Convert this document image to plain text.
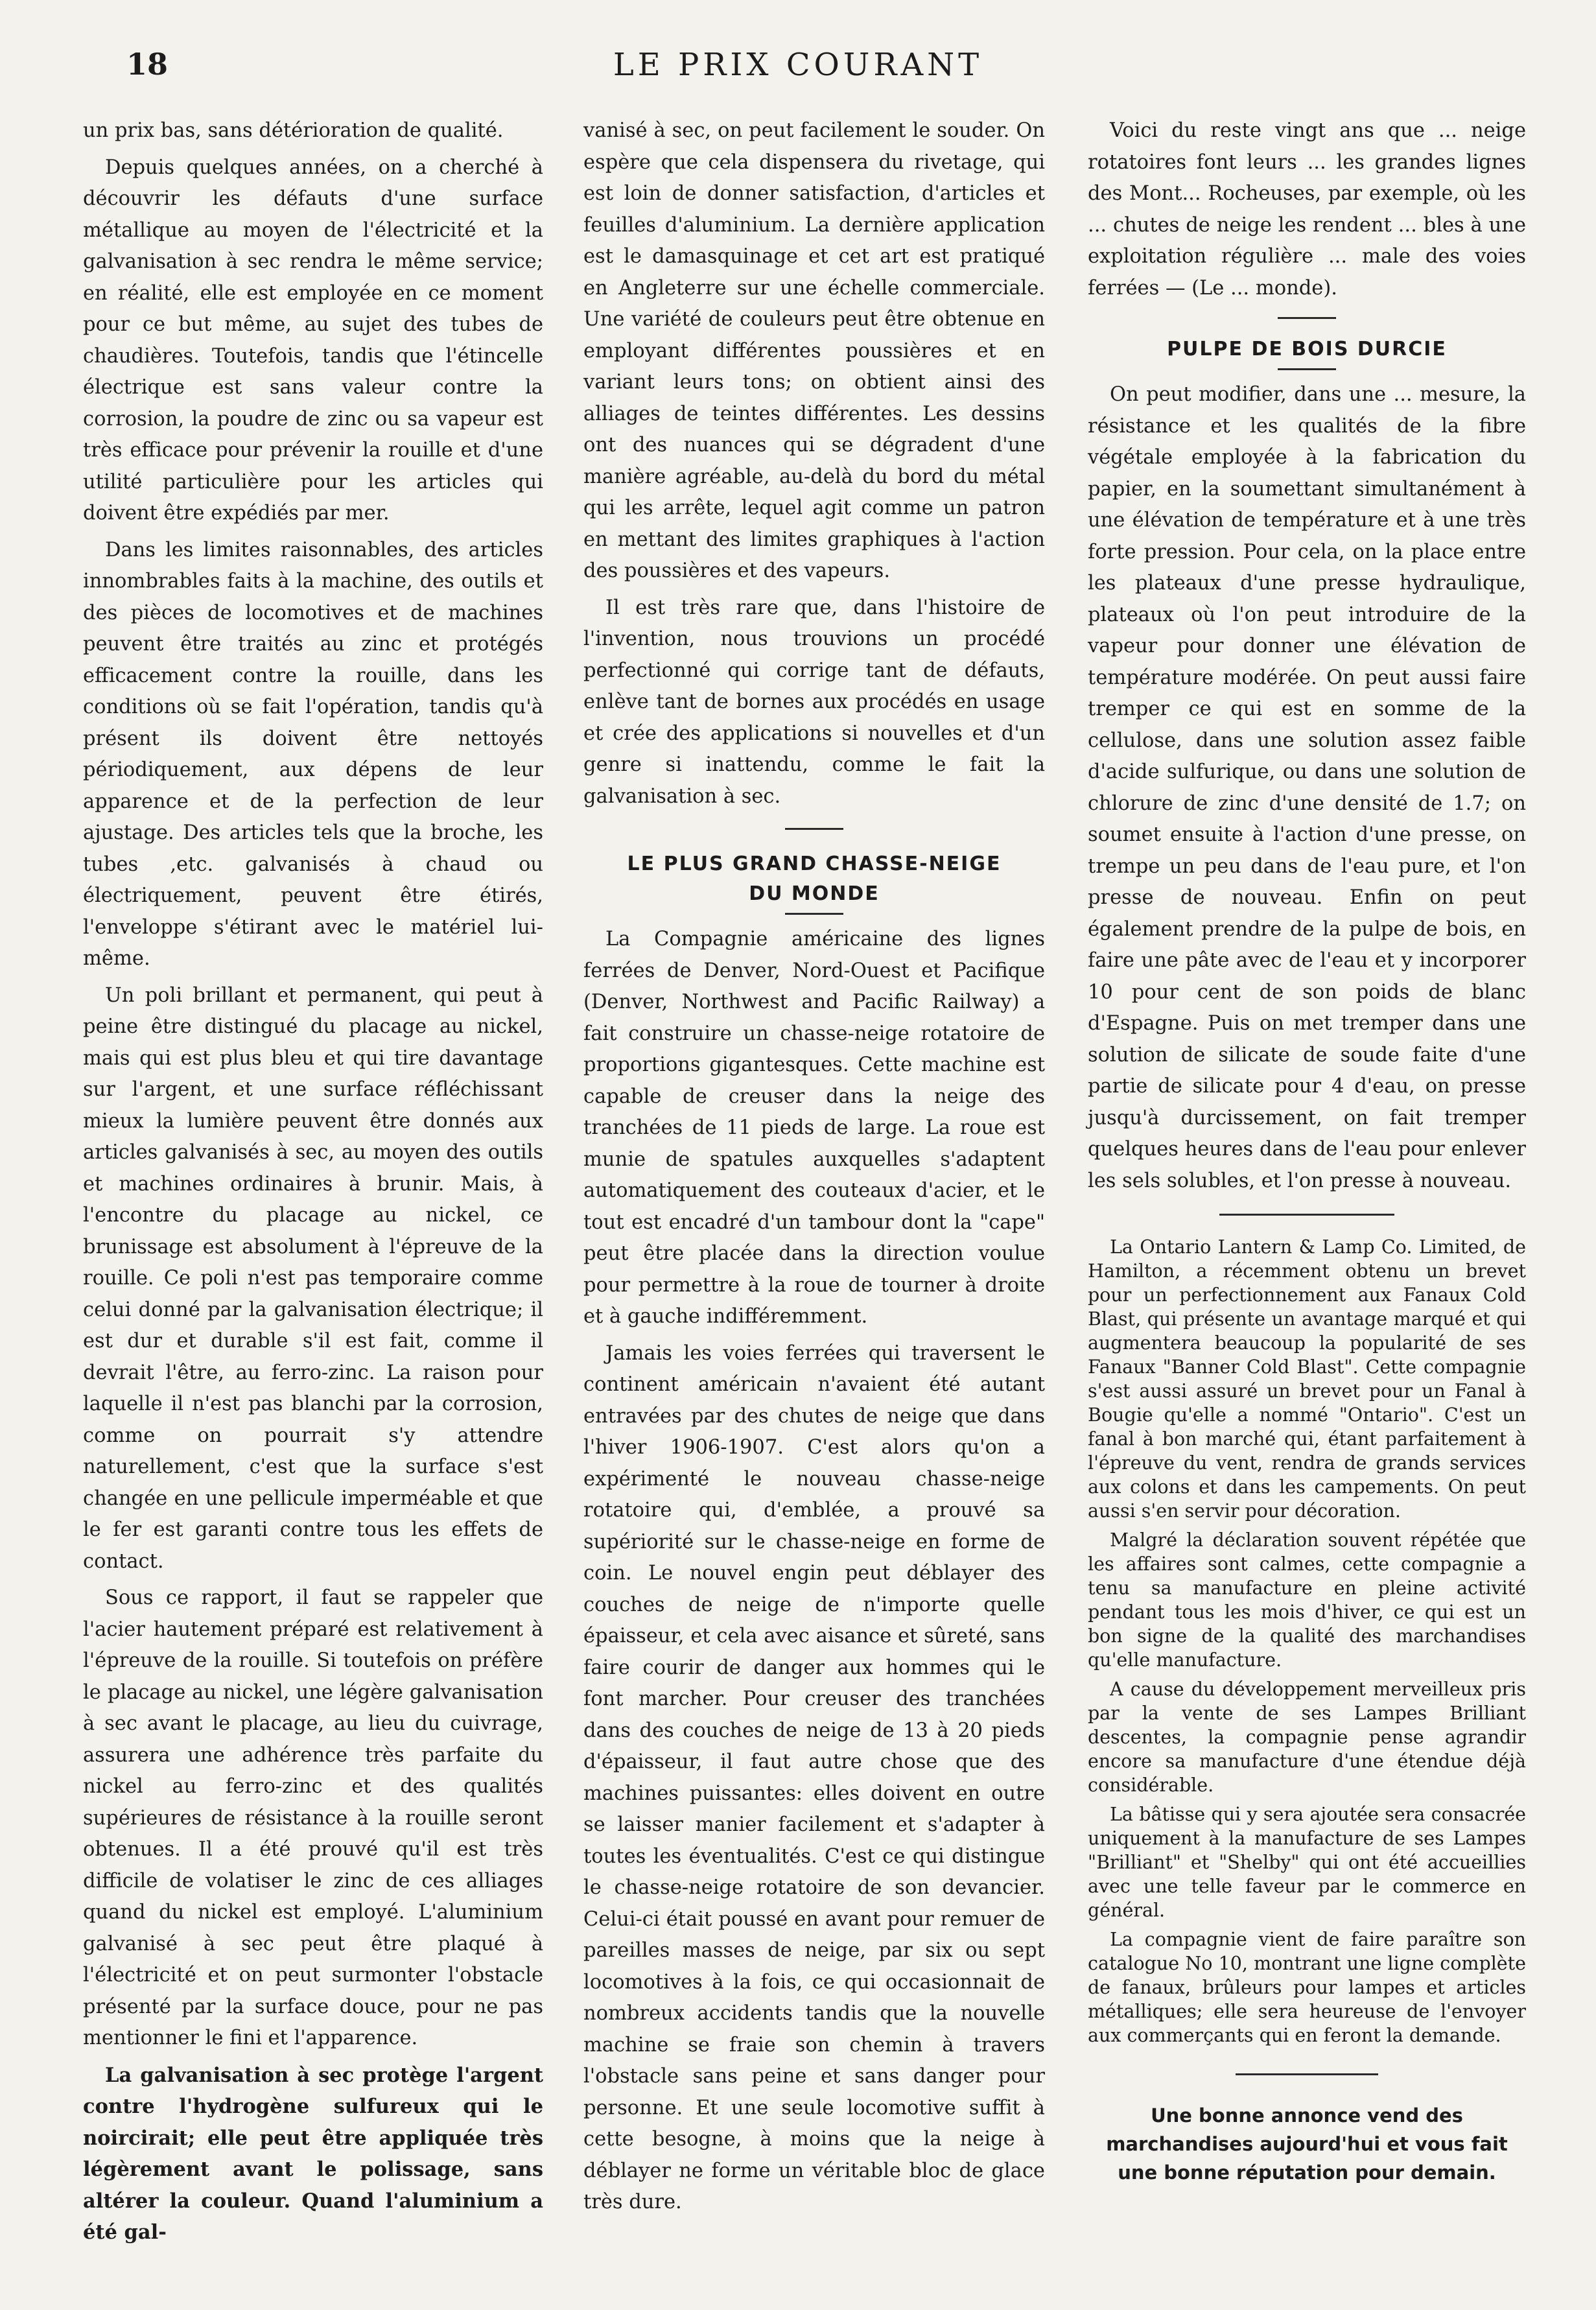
18	LE PRIX COURANT

un prix bas, sans détérioration de qualité.

Depuis quelques années, on a cherché à découvrir les défauts d'une surface métallique au moyen de l'électricité et la galvanisation à sec rendra le même service; en réalité, elle est employée en ce moment pour ce but même, au sujet des tubes de chaudières. Toutefois, tandis que l'étincelle électrique est sans valeur contre la corrosion, la poudre de zinc ou sa vapeur est très efficace pour prévenir la rouille et d'une utilité particulière pour les articles qui doivent être expédiés par mer.

Dans les limites raisonnables, des articles innombrables faits à la machine, des outils et des pièces de locomotives et de machines peuvent être traités au zinc et protégés efficacement contre la rouille, dans les conditions où se fait l'opération, tandis qu'à présent ils doivent être nettoyés périodiquement, aux dépens de leur apparence et de la perfection de leur ajustage. Des articles tels que la broche, les tubes ,etc. galvanisés à chaud ou électriquement, peuvent être étirés, l'enveloppe s'étirant avec le matériel lui-même.

Un poli brillant et permanent, qui peut à peine être distingué du placage au nickel, mais qui est plus bleu et qui tire davantage sur l'argent, et une surface réfléchissant mieux la lumière peuvent être donnés aux articles galvanisés à sec, au moyen des outils et machines ordinaires à brunir. Mais, à l'encontre du placage au nickel, ce brunissage est absolument à l'épreuve de la rouille. Ce poli n'est pas temporaire comme celui donné par la galvanisation électrique; il est dur et durable s'il est fait, comme il devrait l'être, au ferro-zinc. La raison pour laquelle il n'est pas blanchi par la corrosion, comme on pourrait s'y attendre naturellement, c'est que la surface s'est changée en une pellicule imperméable et que le fer est garanti contre tous les effets de contact.

Sous ce rapport, il faut se rappeler que l'acier hautement préparé est relativement à l'épreuve de la rouille. Si toutefois on préfère le placage au nickel, une légère galvanisation à sec avant le placage, au lieu du cuivrage, assurera une adhérence très parfaite du nickel au ferro-zinc et des qualités supérieures de résistance à la rouille seront obtenues. Il a été prouvé qu'il est très difficile de volatiser le zinc de ces alliages quand du nickel est employé. L'aluminium galvanisé à sec peut être plaqué à l'électricité et on peut surmonter l'obstacle présenté par la surface douce, pour ne pas mentionner le fini et l'apparence.

La galvanisation à sec protège l'argent contre l'hydrogène sulfureux qui le noircirait; elle peut être appliquée très légèrement avant le polissage, sans altérer la couleur. Quand l'aluminium a été gal-

vanisé à sec, on peut facilement le souder. On espère que cela dispensera du rivetage, qui est loin de donner satisfaction, d'articles et feuilles d'aluminium. La dernière application est le damasquinage et cet art est pratiqué en Angleterre sur une échelle commerciale. Une variété de couleurs peut être obtenue en employant différentes poussières et en variant leurs tons; on obtient ainsi des alliages de teintes différentes. Les dessins ont des nuances qui se dégradent d'une manière agréable, au-delà du bord du métal qui les arrête, lequel agit comme un patron en mettant des limites graphiques à l'action des poussières et des vapeurs.

Il est très rare que, dans l'histoire de l'invention, nous trouvions un procédé perfectionné qui corrige tant de défauts, enlève tant de bornes aux procédés en usage et crée des applications si nouvelles et d'un genre si inattendu, comme le fait la galvanisation à sec.

LE PLUS GRAND CHASSE-NEIGE
DU MONDE

La Compagnie américaine des lignes ferrées de Denver, Nord-Ouest et Pacifique (Denver, Northwest and Pacific Railway) a fait construire un chasse-neige rotatoire de proportions gigantesques. Cette machine est capable de creuser dans la neige des tranchées de 11 pieds de large. La roue est munie de spatules auxquelles s'adaptent automatiquement des couteaux d'acier, et le tout est encadré d'un tambour dont la "cape" peut être placée dans la direction voulue pour permettre à la roue de tourner à droite et à gauche indifféremment.

Jamais les voies ferrées qui traversent le continent américain n'avaient été autant entravées par des chutes de neige que dans l'hiver 1906-1907. C'est alors qu'on a expérimenté le nouveau chasse-neige rotatoire qui, d'emblée, a prouvé sa supériorité sur le chasse-neige en forme de coin. Le nouvel engin peut déblayer des couches de neige de n'importe quelle épaisseur, et cela avec aisance et sûreté, sans faire courir de danger aux hommes qui le font marcher. Pour creuser des tranchées dans des couches de neige de 13 à 20 pieds d'épaisseur, il faut autre chose que des machines puissantes: elles doivent en outre se laisser manier facilement et s'adapter à toutes les éventualités. C'est ce qui distingue le chasse-neige rotatoire de son devancier. Celui-ci était poussé en avant pour remuer de pareilles masses de neige, par six ou sept locomotives à la fois, ce qui occasionnait de nombreux accidents tandis que la nouvelle machine se fraie son chemin à travers l'obstacle sans peine et sans danger pour personne. Et une seule locomotive suffit à cette besogne, à moins que la neige à déblayer ne forme un véritable bloc de glace très dure.

Voici du reste vingt ans que ... neige rotatoires font leurs ... les grandes lignes des Mont... Rocheuses, par exemple, où les ... chutes de neige les rendent ... bles à une exploitation régulière ... male des voies ferrées — (Le ... monde).

PULPE DE BOIS DURCIE

On peut modifier, dans une ... mesure, la résistance et les qualités de la fibre végétale employée à la fabrication du papier, en la soumettant simultanément à une élévation de température et à une très forte pression. Pour cela, on la place entre les plateaux d'une presse hydraulique, plateaux où l'on peut introduire de la vapeur pour donner une élévation de température modérée. On peut aussi faire tremper ce qui est en somme de la cellulose, dans une solution assez faible d'acide sulfurique, ou dans une solution de chlorure de zinc d'une densité de 1.7; on soumet ensuite à l'action d'une presse, on trempe un peu dans de l'eau pure, et l'on presse de nouveau. Enfin on peut également prendre de la pulpe de bois, en faire une pâte avec de l'eau et y incorporer 10 pour cent de son poids de blanc d'Espagne. Puis on met tremper dans une solution de silicate de soude faite d'une partie de silicate pour 4 d'eau, on presse jusqu'à durcissement, on fait tremper quelques heures dans de l'eau pour enlever les sels solubles, et l'on presse à nouveau.

La Ontario Lantern & Lamp Co. Limited, de Hamilton, a récemment obtenu un brevet pour un perfectionnement aux Fanaux Cold Blast, qui présente un avantage marqué et qui augmentera beaucoup la popularité de ses Fanaux "Banner Cold Blast". Cette compagnie s'est aussi assuré un brevet pour un Fanal à Bougie qu'elle a nommé "Ontario". C'est un fanal à bon marché qui, étant parfaitement à l'épreuve du vent, rendra de grands services aux colons et dans les campements. On peut aussi s'en servir pour décoration.

Malgré la déclaration souvent répétée que les affaires sont calmes, cette compagnie a tenu sa manufacture en pleine activité pendant tous les mois d'hiver, ce qui est un bon signe de la qualité des marchandises qu'elle manufacture.

A cause du développement merveilleux pris par la vente de ses Lampes Brilliant descentes, la compagnie pense agrandir encore sa manufacture d'une étendue déjà considérable.

La bâtisse qui y sera ajoutée sera consacrée uniquement à la manufacture de ses Lampes "Brilliant" et "Shelby" qui ont été accueillies avec une telle faveur par le commerce en général.

La compagnie vient de faire paraître son catalogue No 10, montrant une ligne complète de fanaux, brûleurs pour lampes et articles métalliques; elle sera heureuse de l'envoyer aux commerçants qui en feront la demande.

Une bonne annonce vend des marchandises aujourd'hui et vous fait une bonne réputation pour demain.
